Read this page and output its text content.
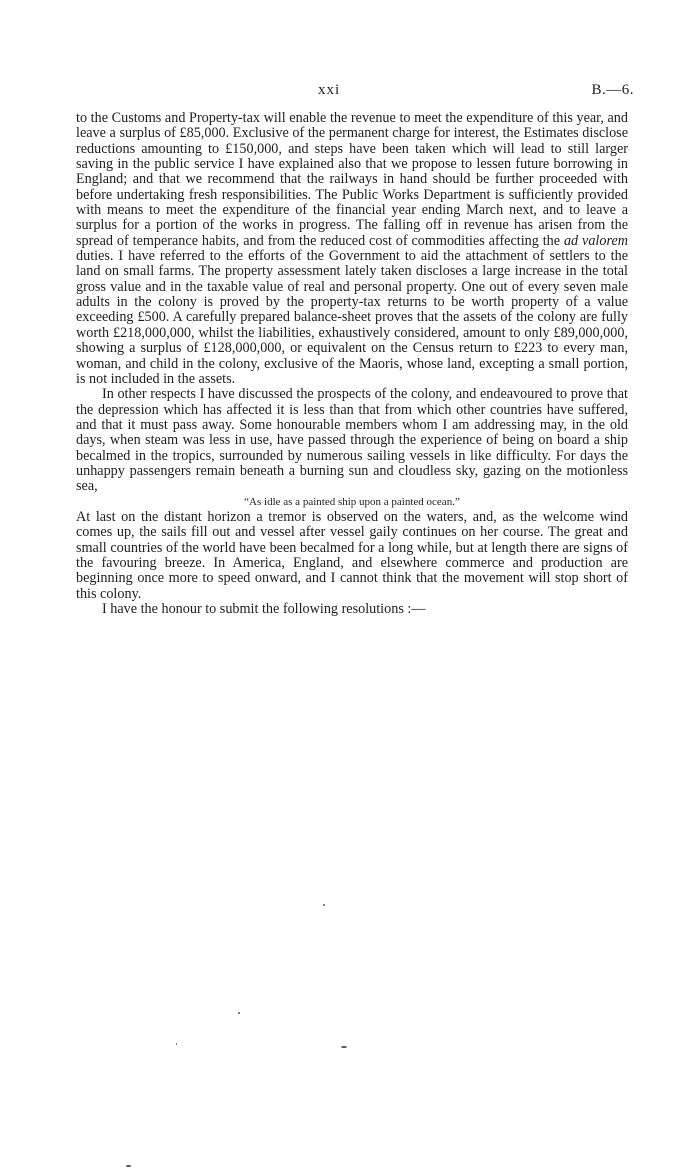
xxi	B.—6.

to the Customs and Property-tax will enable the revenue to meet the expenditure of this year, and leave a surplus of £85,000. Exclusive of the permanent charge for interest, the Estimates disclose reductions amounting to £150,000, and steps have been taken which will lead to still larger saving in the public service I have explained also that we propose to lessen future borrowing in England; and that we recommend that the railways in hand should be further proceeded with before undertaking fresh responsibilities. The Public Works Department is sufficiently provided with means to meet the expenditure of the financial year ending March next, and to leave a surplus for a portion of the works in progress. The falling off in revenue has arisen from the spread of temperance habits, and from the reduced cost of commodities affecting the ad valorem duties. I have referred to the efforts of the Government to aid the attachment of settlers to the land on small farms. The property assessment lately taken discloses a large increase in the total gross value and in the taxable value of real and personal property. One out of every seven male adults in the colony is proved by the property-tax returns to be worth property of a value exceeding £500. A carefully prepared balance-sheet proves that the assets of the colony are fully worth £218,000,000, whilst the liabilities, exhaustively considered, amount to only £89,000,000, showing a surplus of £128,000,000, or equivalent on the Census return to £223 to every man, woman, and child in the colony, exclusive of the Maoris, whose land, excepting a small portion, is not included in the assets.

In other respects I have discussed the prospects of the colony, and endeavoured to prove that the depression which has affected it is less than that from which other countries have suffered, and that it must pass away. Some honourable members whom I am addressing may, in the old days, when steam was less in use, have passed through the experience of being on board a ship becalmed in the tropics, surrounded by numerous sailing vessels in like difficulty. For days the unhappy passengers remain beneath a burning sun and cloudless sky, gazing on the motionless sea,

“As idle as a painted ship upon a painted ocean.”

At last on the distant horizon a tremor is observed on the waters, and, as the welcome wind comes up, the sails fill out and vessel after vessel gaily continues on her course. The great and small countries of the world have been becalmed for a long while, but at length there are signs of the favouring breeze. In America, England, and elsewhere commerce and production are beginning once more to speed onward, and I cannot think that the movement will stop short of this colony.

I have the honour to submit the following resolutions :—
